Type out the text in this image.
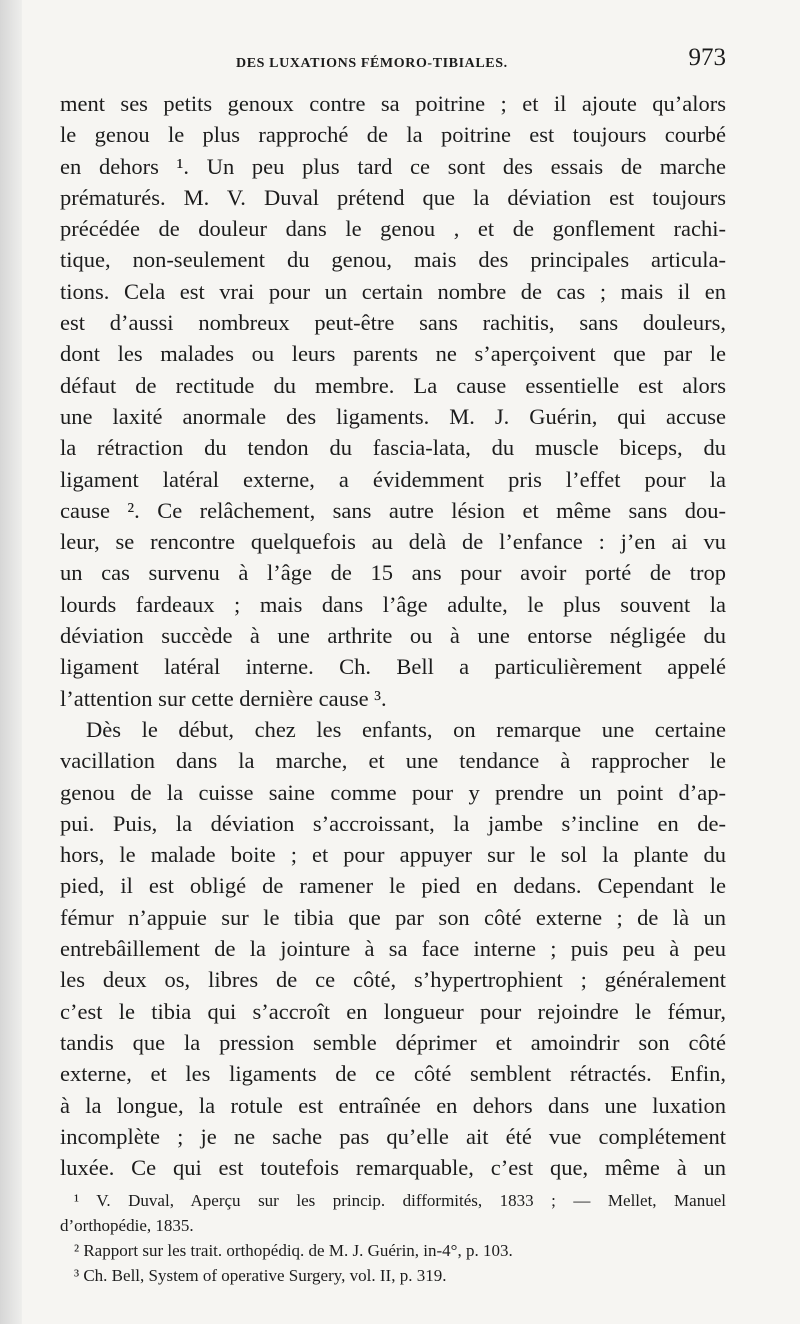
DES LUXATIONS FÉMORO-TIBIALES.	973
ment ses petits genoux contre sa poitrine ; et il ajoute qu’alors
le genou le plus rapproché de la poitrine est toujours courbé
en dehors ¹. Un peu plus tard ce sont des essais de marche
prématurés. M. V. Duval prétend que la déviation est toujours
précédée de douleur dans le genou , et de gonflement rachi-
tique, non-seulement du genou, mais des principales articula-
tions. Cela est vrai pour un certain nombre de cas ; mais il en
est d’aussi nombreux peut-être sans rachitis, sans douleurs,
dont les malades ou leurs parents ne s’aperçoivent que par le
défaut de rectitude du membre. La cause essentielle est alors
une laxité anormale des ligaments. M. J. Guérin, qui accuse
la rétraction du tendon du fascia-lata, du muscle biceps, du
ligament latéral externe, a évidemment pris l’effet pour la
cause ². Ce relâchement, sans autre lésion et même sans dou-
leur, se rencontre quelquefois au delà de l’enfance : j’en ai vu
un cas survenu à l’âge de 15 ans pour avoir porté de trop
lourds fardeaux ; mais dans l’âge adulte, le plus souvent la
déviation succède à une arthrite ou à une entorse négligée du
ligament latéral interne. Ch. Bell a particulièrement appelé
l’attention sur cette dernière cause ³.
Dès le début, chez les enfants, on remarque une certaine
vacillation dans la marche, et une tendance à rapprocher le
genou de la cuisse saine comme pour y prendre un point d’ap-
pui. Puis, la déviation s’accroissant, la jambe s’incline en de-
hors, le malade boite ; et pour appuyer sur le sol la plante du
pied, il est obligé de ramener le pied en dedans. Cependant le
fémur n’appuie sur le tibia que par son côté externe ; de là un
entrebâillement de la jointure à sa face interne ; puis peu à peu
les deux os, libres de ce côté, s’hypertrophient ; généralement
c’est le tibia qui s’accroît en longueur pour rejoindre le fémur,
tandis que la pression semble déprimer et amoindrir son côté
externe, et les ligaments de ce côté semblent rétractés. Enfin,
à la longue, la rotule est entraînée en dehors dans une luxation
incomplète ; je ne sache pas qu’elle ait été vue complétement
luxée. Ce qui est toutefois remarquable, c’est que, même à un
¹ V. Duval, Aperçu sur les princip. difformités, 1833 ; — Mellet, Manuel
d’orthopédie, 1835.
² Rapport sur les trait. orthopédiq. de M. J. Guérin, in-4°, p. 103.
³ Ch. Bell, System of operative Surgery, vol. II, p. 319.
